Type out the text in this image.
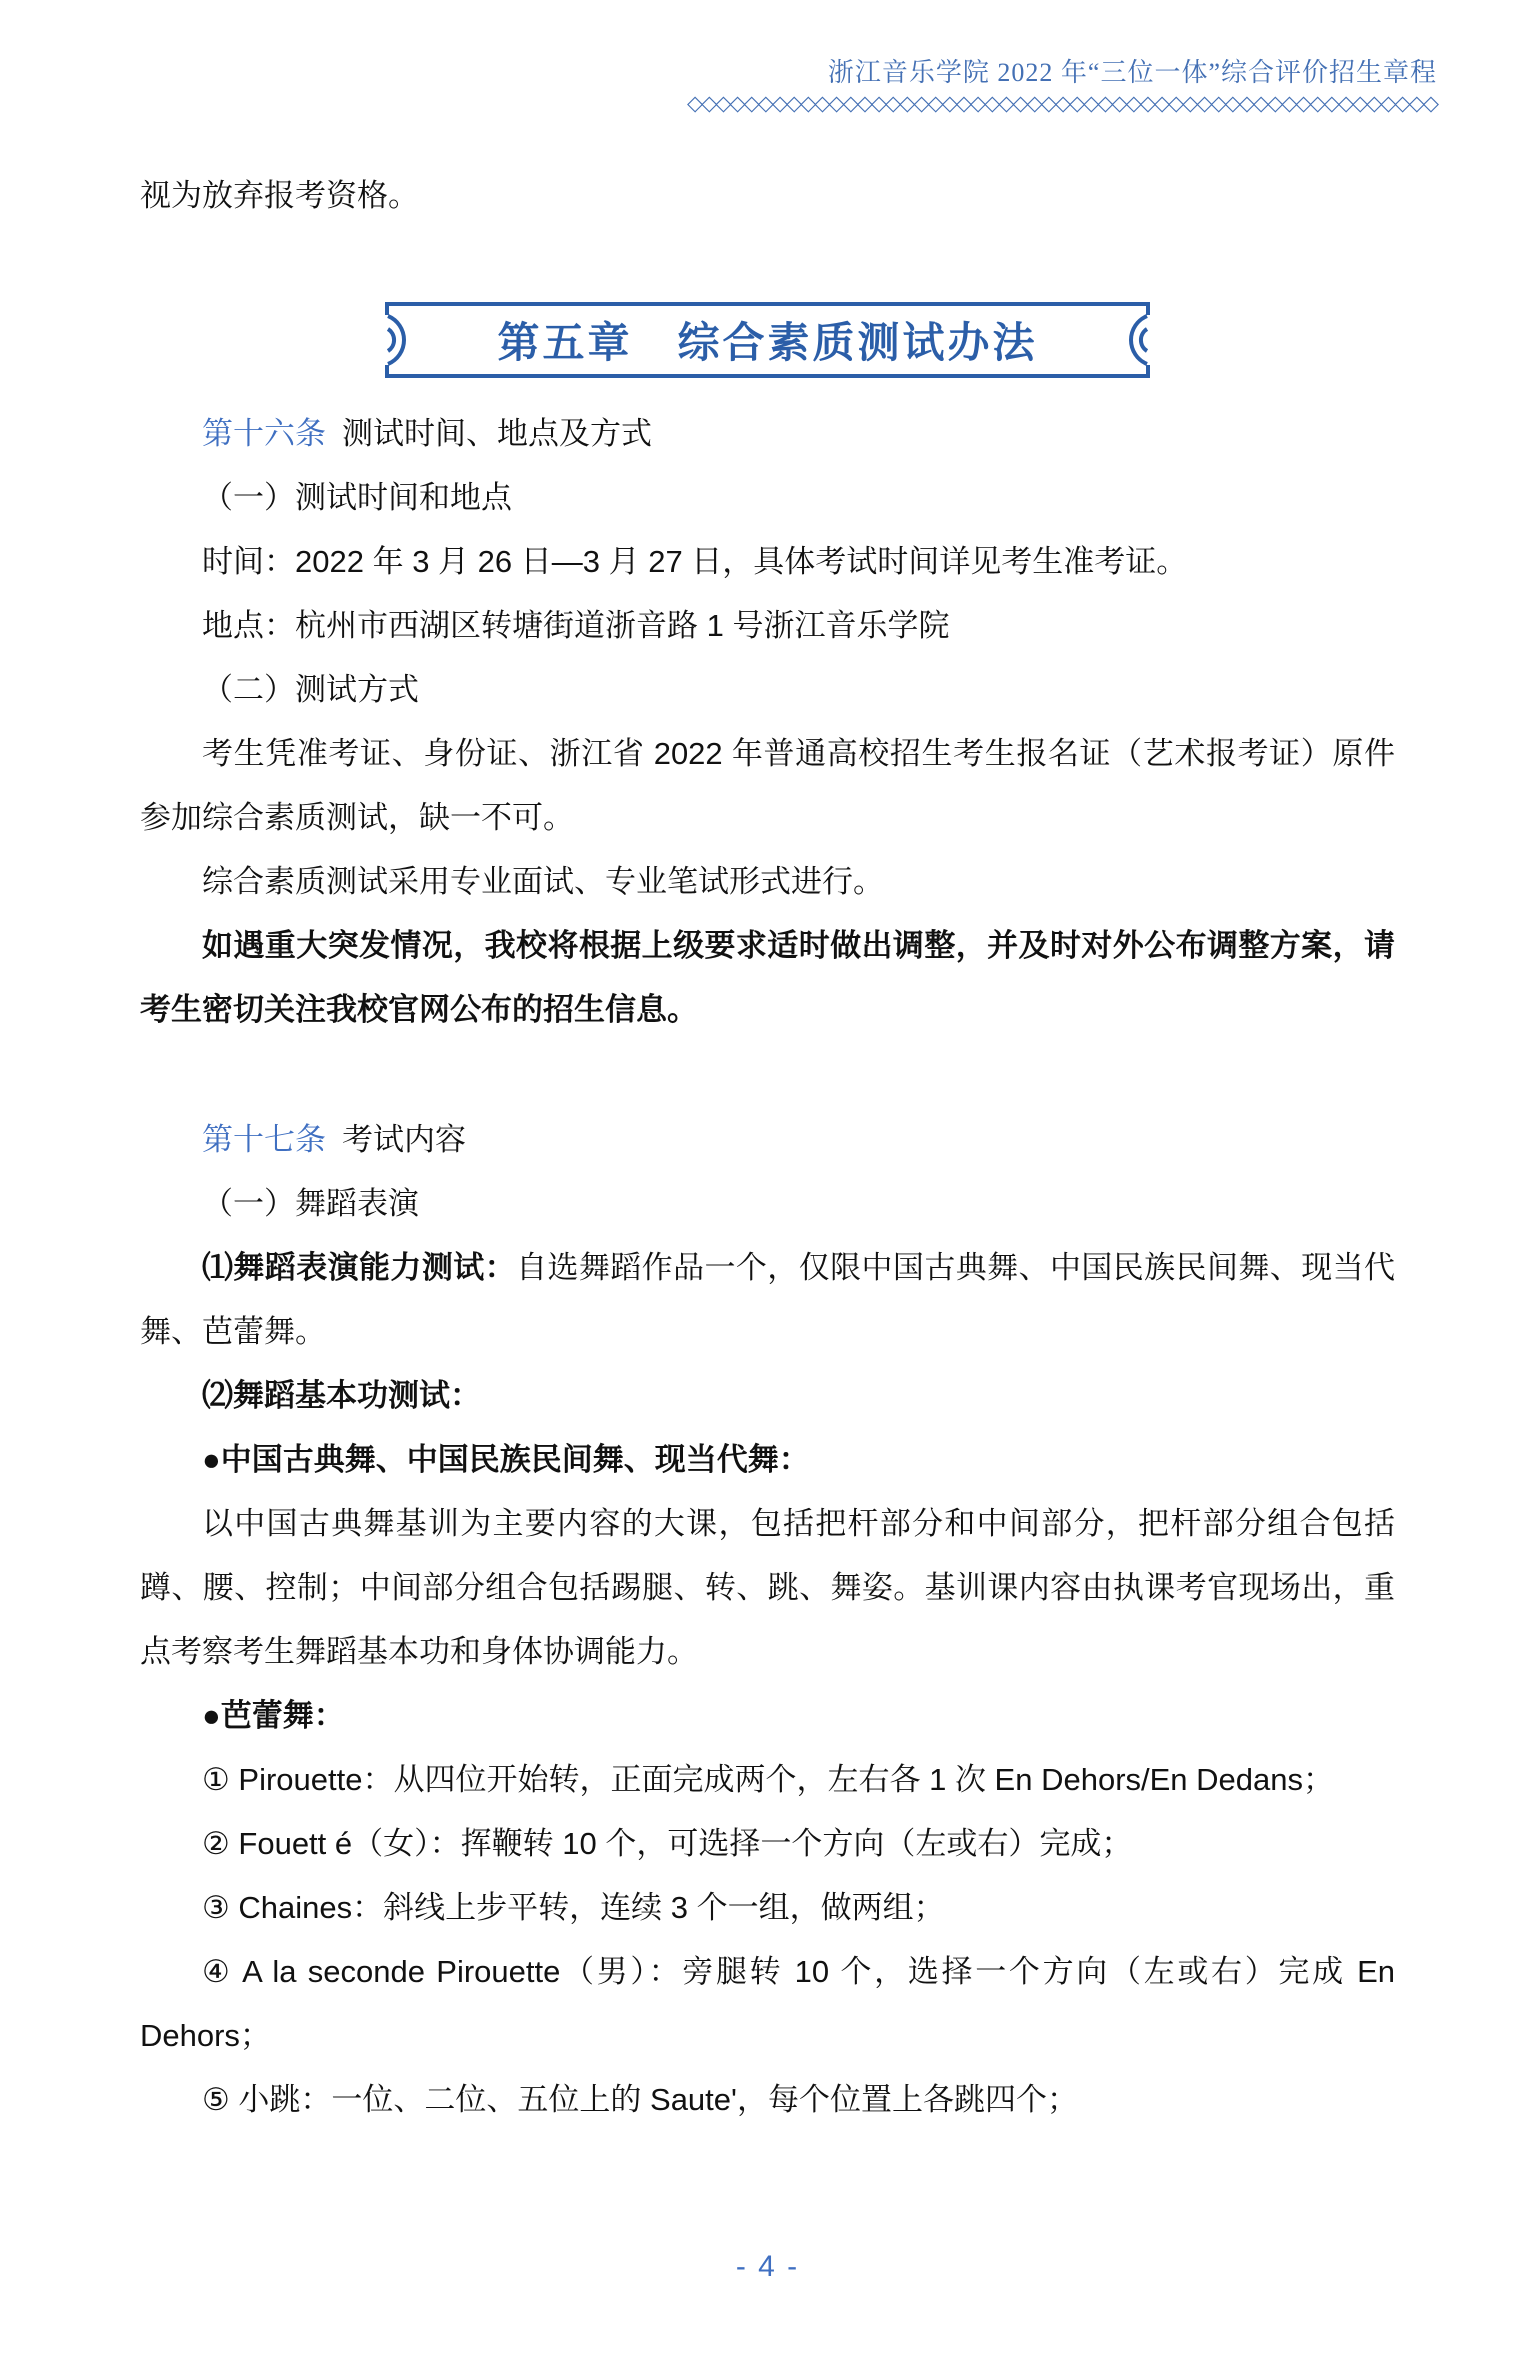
浙江音乐学院 2022 年“三位一体”综合评价招生章程
◇◇◇◇◇◇◇◇◇◇◇◇◇◇◇◇◇◇◇◇◇◇◇◇◇◇◇◇◇◇◇◇◇◇◇◇◇◇◇◇◇◇◇◇◇◇◇◇◇◇◇◇◇
视为放弃报考资格。
第五章　综合素质测试办法
第十六条 测试时间、地点及方式
（一）测试时间和地点
时间：2022 年 3 月 26 日—3 月 27 日，具体考试时间详见考生准考证。
地点：杭州市西湖区转塘街道浙音路 1 号浙江音乐学院
（二）测试方式
考生凭准考证、身份证、浙江省 2022 年普通高校招生考生报名证（艺术报考证）原件参加综合素质测试，缺一不可。
综合素质测试采用专业面试、专业笔试形式进行。
如遇重大突发情况，我校将根据上级要求适时做出调整，并及时对外公布调整方案，请考生密切关注我校官网公布的招生信息。
第十七条 考试内容
（一）舞蹈表演
⑴舞蹈表演能力测试：自选舞蹈作品一个，仅限中国古典舞、中国民族民间舞、现当代舞、芭蕾舞。
⑵舞蹈基本功测试：
●中国古典舞、中国民族民间舞、现当代舞：
以中国古典舞基训为主要内容的大课，包括把杆部分和中间部分，把杆部分组合包括蹲、腰、控制；中间部分组合包括踢腿、转、跳、舞姿。基训课内容由执课考官现场出，重点考察考生舞蹈基本功和身体协调能力。
●芭蕾舞：
① Pirouette：从四位开始转，正面完成两个，左右各 1 次 En Dehors/En Dedans；
② Fouett é（女）：挥鞭转 10 个，可选择一个方向（左或右）完成；
③ Chaines：斜线上步平转，连续 3 个一组，做两组；
④ A la seconde Pirouette（男）：旁腿转 10 个，选择一个方向（左或右）完成 En Dehors；
⑤ 小跳：一位、二位、五位上的 Saute'，每个位置上各跳四个；
- 4 -
